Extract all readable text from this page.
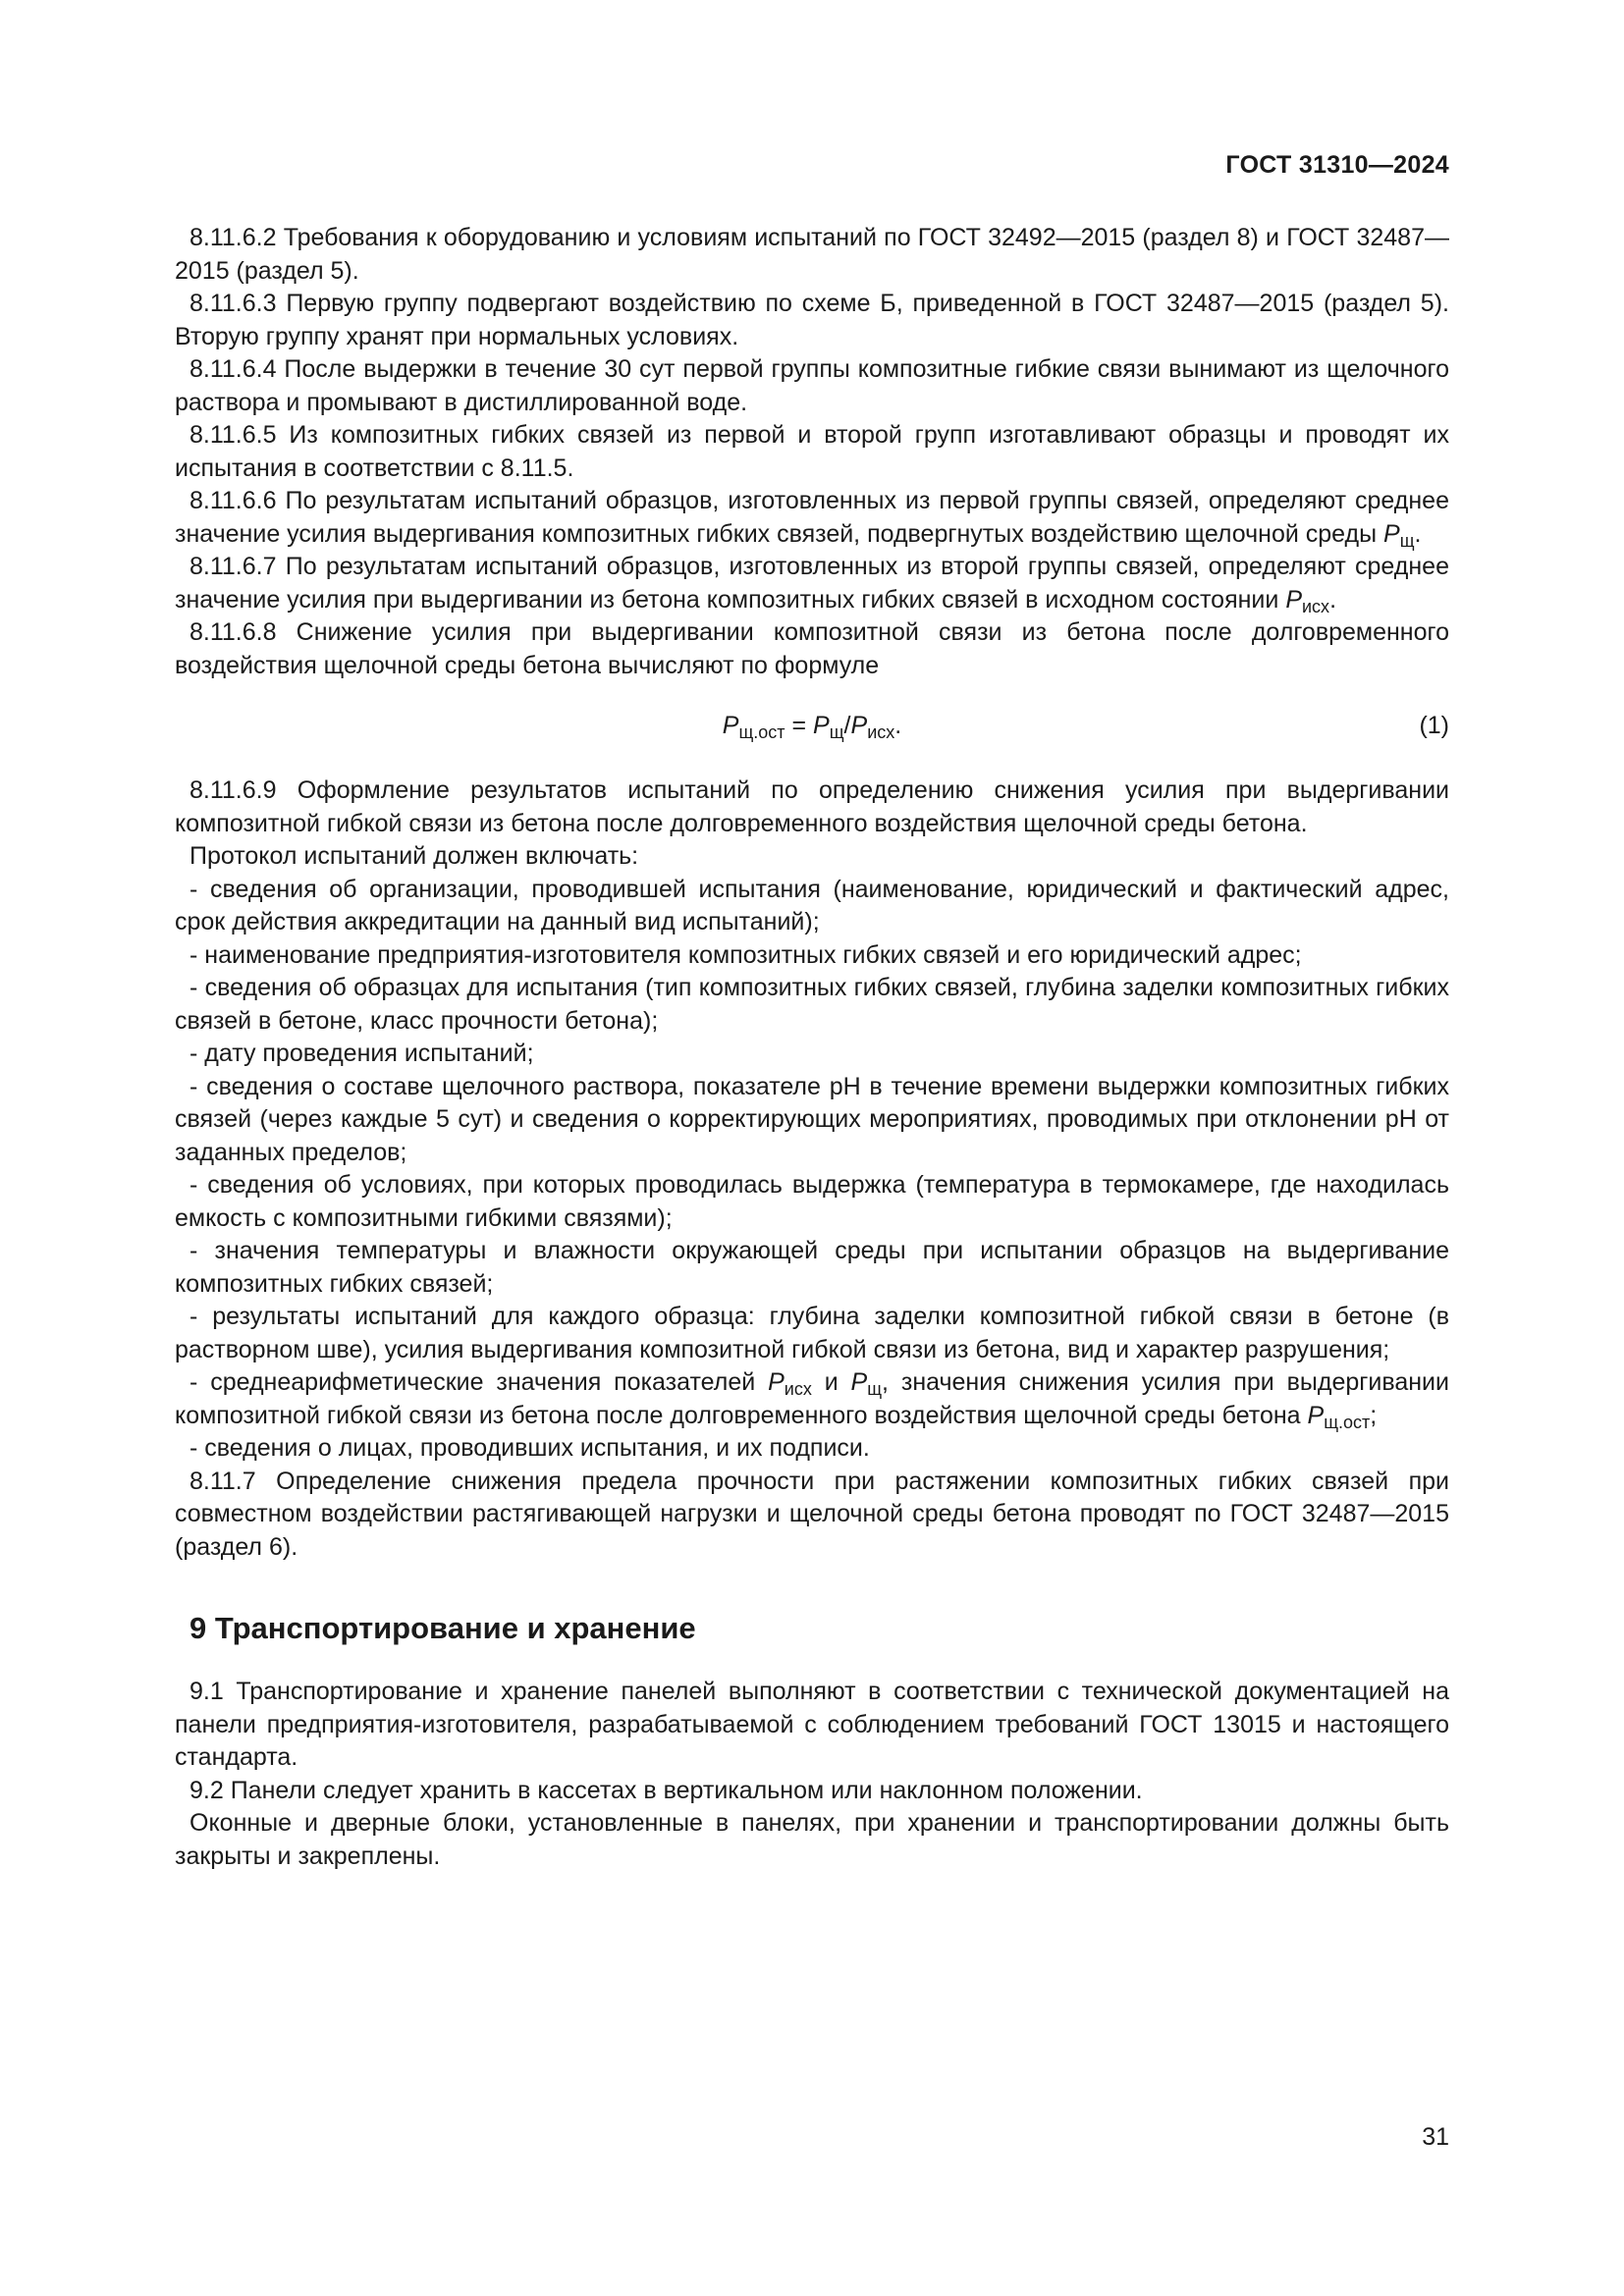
ГОСТ 31310—2024

8.11.6.2 Требования к оборудованию и условиям испытаний по ГОСТ 32492—2015 (раздел 8) и ГОСТ 32487—2015 (раздел 5).

8.11.6.3 Первую группу подвергают воздействию по схеме Б, приведенной в ГОСТ 32487—2015 (раздел 5). Вторую группу хранят при нормальных условиях.

8.11.6.4 После выдержки в течение 30 сут первой группы композитные гибкие связи вынимают из щелочного раствора и промывают в дистиллированной воде.

8.11.6.5 Из композитных гибких связей из первой и второй групп изготавливают образцы и проводят их испытания в соответствии с 8.11.5.

8.11.6.6 По результатам испытаний образцов, изготовленных из первой группы связей, определяют среднее значение усилия выдергивания композитных гибких связей, подвергнутых воздействию щелочной среды $P_щ$.

8.11.6.7 По результатам испытаний образцов, изготовленных из второй группы связей, определяют среднее значение усилия при выдергивании из бетона композитных гибких связей в исходном состоянии $P_{исх}$.

8.11.6.8 Снижение усилия при выдергивании композитной связи из бетона после долговременного воздействия щелочной среды бетона вычисляют по формуле

$P_{щ.ост} = P_щ/P_{исх}$.	(1)

8.11.6.9 Оформление результатов испытаний по определению снижения усилия при выдергивании композитной гибкой связи из бетона после долговременного воздействия щелочной среды бетона.

Протокол испытаний должен включать:

- сведения об организации, проводившей испытания (наименование, юридический и фактический адрес, срок действия аккредитации на данный вид испытаний);

- наименование предприятия-изготовителя композитных гибких связей и его юридический адрес;

- сведения об образцах для испытания (тип композитных гибких связей, глубина заделки композитных гибких связей в бетоне, класс прочности бетона);

- дату проведения испытаний;

- сведения о составе щелочного раствора, показателе pH в течение времени выдержки композитных гибких связей (через каждые 5 сут) и сведения о корректирующих мероприятиях, проводимых при отклонении pH от заданных пределов;

- сведения об условиях, при которых проводилась выдержка (температура в термокамере, где находилась емкость с композитными гибкими связями);

- значения температуры и влажности окружающей среды при испытании образцов на выдергивание композитных гибких связей;

- результаты испытаний для каждого образца: глубина заделки композитной гибкой связи в бетоне (в растворном шве), усилия выдергивания композитной гибкой связи из бетона, вид и характер разрушения;

- среднеарифметические значения показателей $P_{исх}$ и $P_щ$, значения снижения усилия при выдергивании композитной гибкой связи из бетона после долговременного воздействия щелочной среды бетона $P_{щ.ост}$;

- сведения о лицах, проводивших испытания, и их подписи.

8.11.7 Определение снижения предела прочности при растяжении композитных гибких связей при совместном воздействии растягивающей нагрузки и щелочной среды бетона проводят по ГОСТ 32487—2015 (раздел 6).

9 Транспортирование и хранение

9.1 Транспортирование и хранение панелей выполняют в соответствии с технической документацией на панели предприятия-изготовителя, разрабатываемой с соблюдением требований ГОСТ 13015 и настоящего стандарта.

9.2 Панели следует хранить в кассетах в вертикальном или наклонном положении.

Оконные и дверные блоки, установленные в панелях, при хранении и транспортировании должны быть закрыты и закреплены.

31
